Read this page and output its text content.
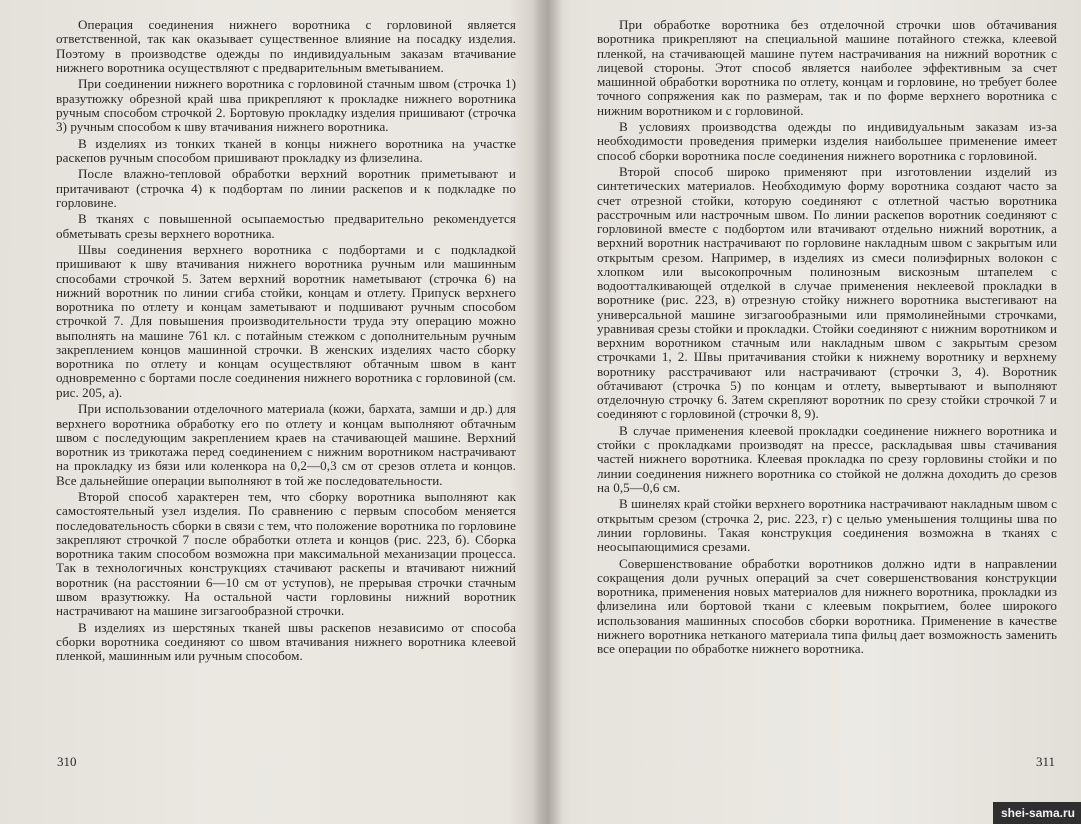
Операция соединения нижнего воротника с горловиной является ответственной, так как оказывает существенное влияние на посадку изделия. Поэтому в производстве одежды по индивидуальным заказам втачивание нижнего воротника осуществляют с предварительным вметыванием.

При соединении нижнего воротника с горловиной стачным швом (строчка 1) вразутюжку обрезной край шва прикрепляют к прокладке нижнего воротника ручным способом строчкой 2. Бортовую прокладку изделия пришивают (строчка 3) ручным способом к шву втачивания нижнего воротника.

В изделиях из тонких тканей в концы нижнего воротника на участке раскепов ручным способом пришивают прокладку из флизелина.

После влажно-тепловой обработки верхний воротник приметывают и притачивают (строчка 4) к подбортам по линии раскепов и к подкладке по горловине.

В тканях с повышенной осыпаемостью предварительно рекомендуется обметывать срезы верхнего воротника.

Швы соединения верхнего воротника с подбортами и с подкладкой пришивают к шву втачивания нижнего воротника ручным или машинным способами строчкой 5. Затем верхний воротник наметывают (строчка 6) на нижний воротник по линии сгиба стойки, концам и отлету. Припуск верхнего воротника по отлету и концам заметывают и подшивают ручным способом строчкой 7. Для повышения производительности труда эту операцию можно выполнять на машине 761 кл. с потайным стежком с дополнительным ручным закреплением концов машинной строчки. В женских изделиях часто сборку воротника по отлету и концам осуществляют обтачным швом в кант одновременно с бортами после соединения нижнего воротника с горловиной (см. рис. 205, а).

При использовании отделочного материала (кожи, бархата, замши и др.) для верхнего воротника обработку его по отлету и концам выполняют обтачным швом с последующим закреплением краев на стачивающей машине. Верхний воротник из трикотажа перед соединением с нижним воротником настрачивают на прокладку из бязи или коленкора на 0,2—0,3 см от срезов отлета и концов. Все дальнейшие операции выполняют в той же последовательности.

Второй способ характерен тем, что сборку воротника выполняют как самостоятельный узел изделия. По сравнению с первым способом меняется последовательность сборки в связи с тем, что положение воротника по горловине закрепляют строчкой 7 после обработки отлета и концов (рис. 223, б). Сборка воротника таким способом возможна при максимальной механизации процесса. Так в технологичных конструкциях стачивают раскепы и втачивают нижний воротник (на расстоянии 6—10 см от уступов), не прерывая строчки стачным швом вразутюжку. На остальной части горловины нижний воротник настрачивают на машине зигзагообразной строчки.

В изделиях из шерстяных тканей швы раскепов независимо от способа сборки воротника соединяют со швом втачивания нижнего воротника клеевой пленкой, машинным или ручным способом.

310

При обработке воротника без отделочной строчки шов обтачивания воротника прикрепляют на специальной машине потайного стежка, клеевой пленкой, на стачивающей машине путем настрачивания на нижний воротник с лицевой стороны. Этот способ является наиболее эффективным за счет машинной обработки воротника по отлету, концам и горловине, но требует более точного сопряжения как по размерам, так и по форме верхнего воротника с нижним воротником и с горловиной.

В условиях производства одежды по индивидуальным заказам из-за необходимости проведения примерки изделия наибольшее применение имеет способ сборки воротника после соединения нижнего воротника с горловиной.

Второй способ широко применяют при изготовлении изделий из синтетических материалов. Необходимую форму воротника создают часто за счет отрезной стойки, которую соединяют с отлетной частью воротника расстрочным или настрочным швом. По линии раскепов воротник соединяют с горловиной вместе с подбортом или втачивают отдельно нижний воротник, а верхний воротник настрачивают по горловине накладным швом с закрытым или открытым срезом. Например, в изделиях из смеси полиэфирных волокон с хлопком или высокопрочным полинозным вискозным штапелем с водоотталкивающей отделкой в случае применения неклеевой прокладки в воротнике (рис. 223, в) отрезную стойку нижнего воротника выстегивают на универсальной машине зигзагообразными или прямолинейными строчками, уравнивая срезы стойки и прокладки. Стойки соединяют с нижним воротником и верхним воротником стачным или накладным швом с закрытым срезом строчками 1, 2. Швы притачивания стойки к нижнему воротнику и верхнему воротнику расстрачивают или настрачивают (строчки 3, 4). Воротник обтачивают (строчка 5) по концам и отлету, вывертывают и выполняют отделочную строчку 6. Затем скрепляют воротник по срезу стойки строчкой 7 и соединяют с горловиной (строчки 8, 9).

В случае применения клеевой прокладки соединение нижнего воротника и стойки с прокладками производят на прессе, раскладывая швы стачивания частей нижнего воротника. Клеевая прокладка по срезу горловины стойки и по линии соединения нижнего воротника со стойкой не должна доходить до срезов на 0,5—0,6 см.

В шинелях край стойки верхнего воротника настрачивают накладным швом с открытым срезом (строчка 2, рис. 223, г) с целью уменьшения толщины шва по линии горловины. Такая конструкция соединения возможна в тканях с неосыпающимися срезами.

Совершенствование обработки воротников должно идти в направлении сокращения доли ручных операций за счет совершенствования конструкции воротника, применения новых материалов для нижнего воротника, прокладки из флизелина или бортовой ткани с клеевым покрытием, более широкого использования машинных способов сборки воротника. Применение в качестве нижнего воротника нетканого материала типа фильц дает возможность заменить все операции по обработке нижнего воротника.

311
shei-sama.ru
